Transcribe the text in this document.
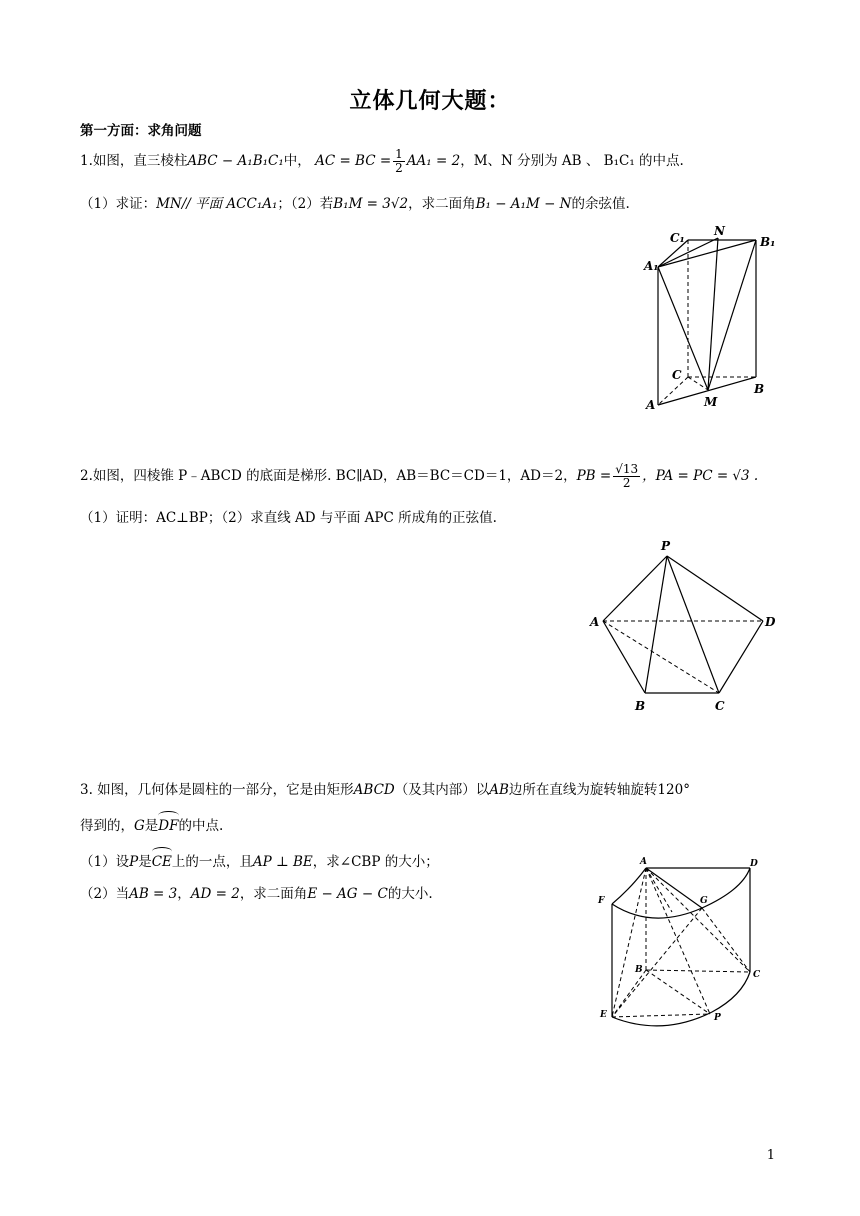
立体几何大题：
第一方面：求角问题
1.如图，直三棱柱ABC − A₁B₁C₁中， AC = BC = $\frac{1}{2} AA_1 = 2$，M、N 分别为 AB 、 B₁C₁ 的中点.
（1）求证：MN// 平面 ACC₁A₁；（2）若B₁M = 3√2，求二面角B₁ − A₁M − N的余弦值.
C₁ N
B₁
A₁
C
B
A	M
2.如图，四棱锥 P﹣ABCD 的底面是梯形. BC∥AD，AB＝BC＝CD＝1，AD＝2，PB = $\frac{√13}{2}$ ，PA = PC = √3 .
（1）证明：AC⊥BP；（2）求直线 AD 与平面 APC 所成角的正弦值.
P
A	D
B	C
3. 如图，几何体是圆柱的一部分，它是由矩形ABCD（及其内部）以AB边所在直线为旋转轴旋转120°
得到的，G是DF的中点.
（1）设P是CE上的一点，且AP ⊥ BE，求∠CBP 的大小；
（2）当AB = 3，AD = 2，求二面角E − AG − C的大小.
A	D
F	G
B	C
E	P
1
